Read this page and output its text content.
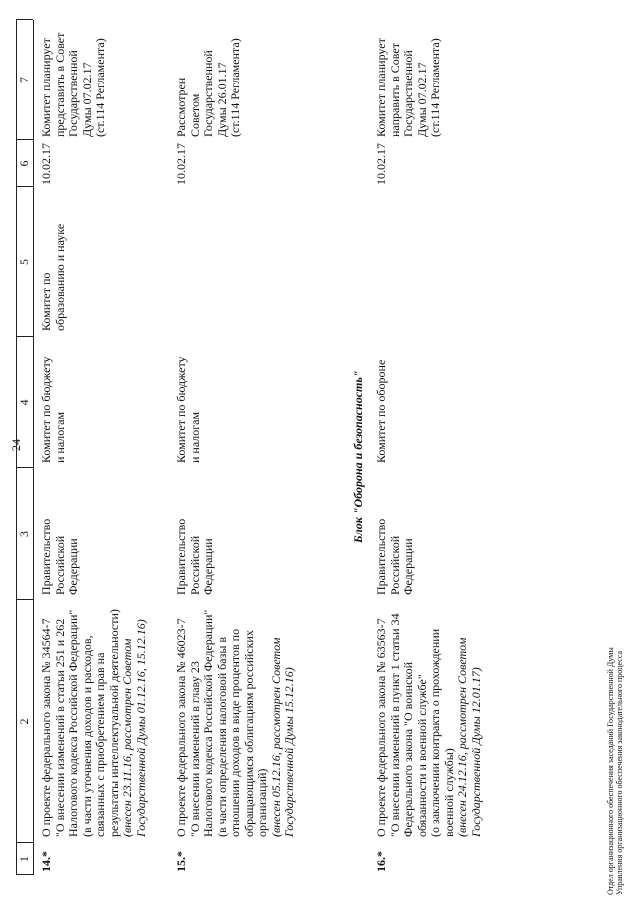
24
1
2
3
4
5
6
7
14.*
О проекте федерального закона № 34564-7 "О внесении изменений в статьи 251 и 262 Налогового кодекса Российской Федерации" (в части уточнения доходов и расходов, связанных с приобретением прав на результаты интеллектуальной деятельности) (внесен 23.11.16, рассмотрен Советом Государственной Думы 01.12.16, 15.12.16)
Правительство Российской Федерации
Комитет по бюджету и налогам
Комитет по образованию и науке
10.02.17
Комитет планирует представить в Совет Государственной Думы 07.02.17 (ст.114 Регламента)
15.*
О проекте федерального закона № 46023-7 "О внесении изменений в главу 23 Налогового кодекса Российской Федерации" (в части определения налоговой базы в отношении доходов в виде процентов по обращающимся облигациям российских организаций) (внесен 05.12.16, рассмотрен Советом Государственной Думы 15.12.16)
Правительство Российской Федерации
Комитет по бюджету и налогам
10.02.17
Рассмотрен Советом Государственной Думы 26.01.17 (ст.114 Регламента)
Блок "Оборона и безопасность"
16.*
О проекте федерального закона № 63563-7 "О внесении изменений в пункт 1 статьи 34 Федерального закона "О воинской обязанности и военной службе" (о заключении контракта о прохождении военной службы) (внесен 24.12.16, рассмотрен Советом Государственной Думы 12.01.17)
Правительство Российской Федерации
Комитет по обороне
10.02.17
Комитет планирует направить в Совет Государственной Думы 07.02.17 (ст.114 Регламента)
Отдел организационного обеспечения заседаний Государственной Думы Управления организационного обеспечения законодательного процесса
